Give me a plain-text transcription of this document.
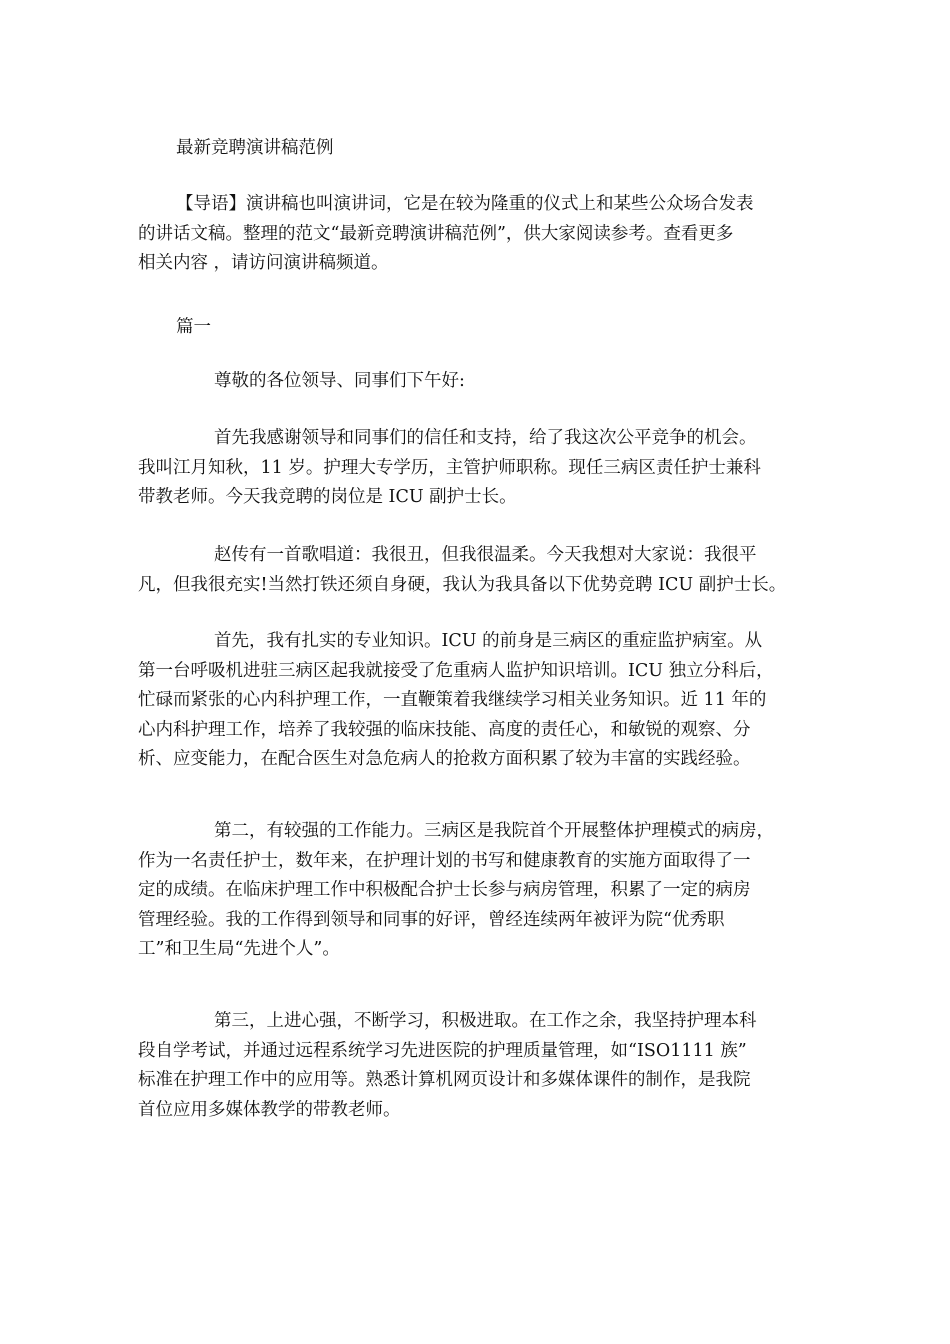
最新竞聘演讲稿范例
【导语】演讲稿也叫演讲词，它是在较为隆重的仪式上和某些公众场合发表
的讲话文稿。整理的范文“最新竞聘演讲稿范例”，供大家阅读参考。查看更多
相关内容 ，请访问演讲稿频道。
篇一
尊敬的各位领导、同事们下午好:
首先我感谢领导和同事们的信任和支持，给了我这次公平竞争的机会。
我叫江月知秋，11 岁。护理大专学历，主管护师职称。现任三病区责任护士兼科
带教老师。今天我竞聘的岗位是 ICU 副护士长。
赵传有一首歌唱道：我很丑，但我很温柔。今天我想对大家说：我很平
凡，但我很充实!当然打铁还须自身硬，我认为我具备以下优势竞聘 ICU 副护士长。
首先，我有扎实的专业知识。ICU 的前身是三病区的重症监护病室。从
第一台呼吸机进驻三病区起我就接受了危重病人监护知识培训。ICU 独立分科后，
忙碌而紧张的心内科护理工作，一直鞭策着我继续学习相关业务知识。近 11 年的
心内科护理工作，培养了我较强的临床技能、高度的责任心，和敏锐的观察、分
析、应变能力，在配合医生对急危病人的抢救方面积累了较为丰富的实践经验。
第二，有较强的工作能力。三病区是我院首个开展整体护理模式的病房，
作为一名责任护士，数年来，在护理计划的书写和健康教育的实施方面取得了一
定的成绩。在临床护理工作中积极配合护士长参与病房管理，积累了一定的病房
管理经验。我的工作得到领导和同事的好评，曾经连续两年被评为院“优秀职
工”和卫生局“先进个人”。
第三，上进心强，不断学习，积极进取。在工作之余，我坚持护理本科
段自学考试，并通过远程系统学习先进医院的护理质量管理，如“ISO1111 族”
标准在护理工作中的应用等。熟悉计算机网页设计和多媒体课件的制作，是我院
首位应用多媒体教学的带教老师。
